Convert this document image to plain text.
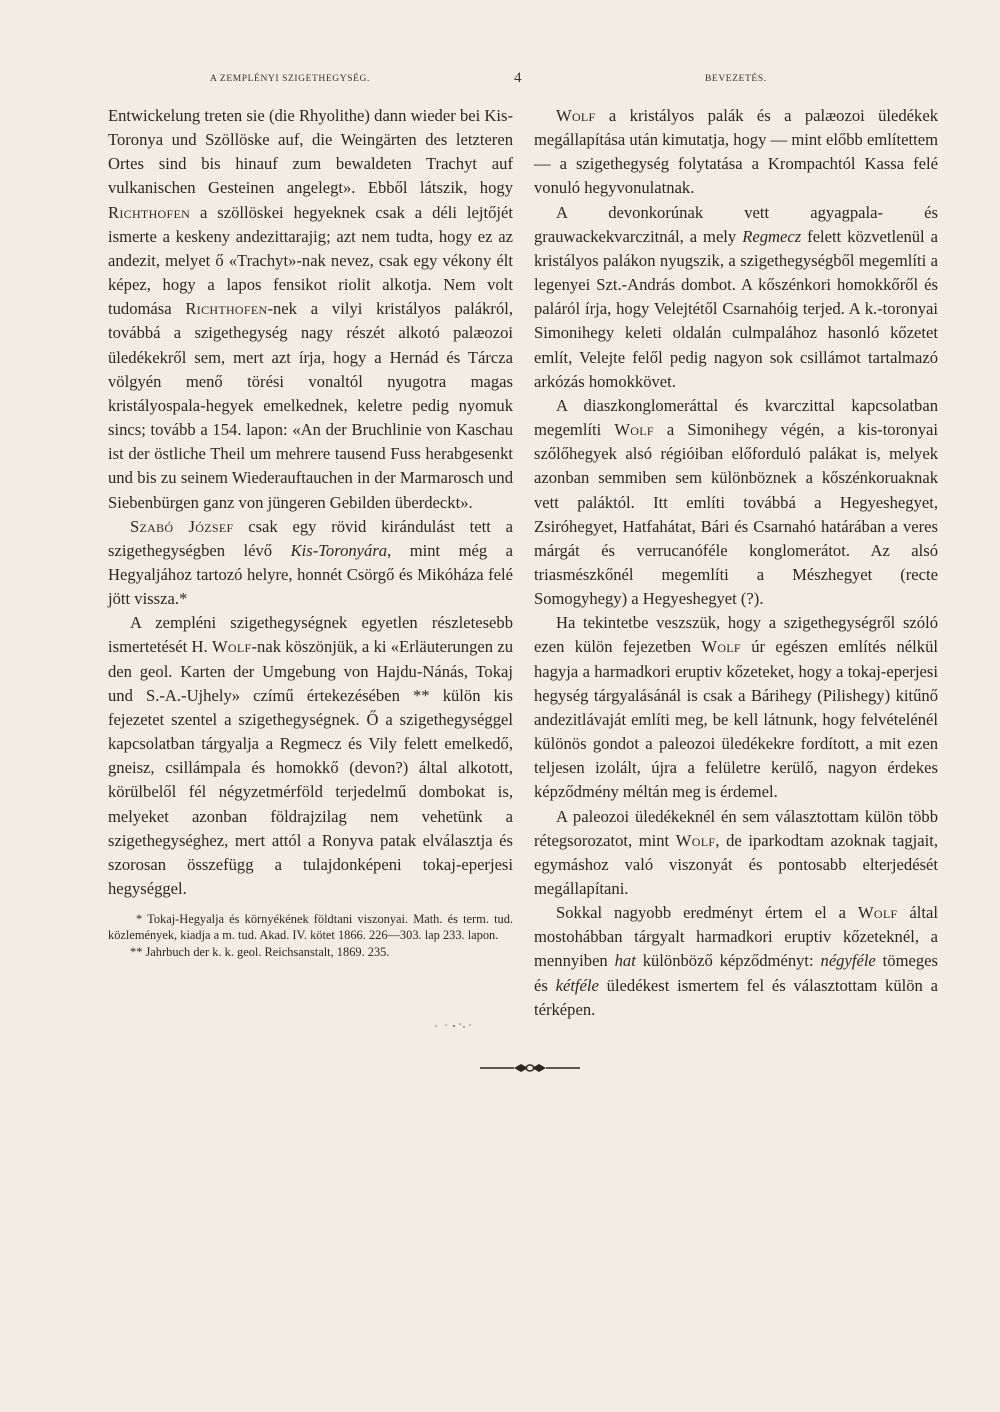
A ZEMPLÉNYI SZIGETHEGYSÉG.	4	BEVEZETÉS.

Entwickelung treten sie (die Rhyolithe) dann wieder bei Kis-Toronya und Szöllöske auf, die Weingärten des letzteren Ortes sind bis hinauf zum bewaldeten Trachyt auf vulkanischen Gesteinen angelegt». Ebből látszik, hogy Richthofen a szöllöskei hegyeknek csak a déli lejtőjét ismerte a keskeny andezittarajig; azt nem tudta, hogy ez az andezit, melyet ő «Trachyt»-nak nevez, csak egy vékony élt képez, hogy a lapos fensikot riolit alkotja. Nem volt tudomása Richthofen-nek a vilyi kristályos palákról, továbbá a szigethegység nagy részét alkotó palæozoi üledékekről sem, mert azt írja, hogy a Hernád és Tárcza völgyén menő törési vonaltól nyugotra magas kristályospala-hegyek emelkednek, keletre pedig nyomuk sincs; tovább a 154. lapon: «An der Bruchlinie von Kaschau ist der östliche Theil um mehrere tausend Fuss herabgesenkt und bis zu seinem Wiederauftauchen in der Marmarosch und Siebenbürgen ganz von jüngeren Gebilden überdeckt».

Szabó József csak egy rövid kirándulást tett a szigethegységben lévő Kis-Toronyára, mint még a Hegyaljához tartozó helyre, honnét Csörgő és Mikóháza felé jött vissza.*

A zempléni szigethegységnek egyetlen részletesebb ismertetését H. Wolf-nak köszönjük, a ki «Erläuterungen zu den geol. Karten der Umgebung von Hajdu-Nánás, Tokaj und S.-A.-Ujhely» czímű értekezésében ** külön kis fejezetet szentel a szigethegységnek. Ő a szigethegységgel kapcsolatban tárgyalja a Regmecz és Vily felett emelkedő, gneisz, csillámpala és homokkő (devon?) által alkotott, körülbelől fél négyzetmérföld terjedelmű dombokat is, melyeket azonban földrajzilag nem vehetünk a szigethegységhez, mert attól a Ronyva patak elválasztja és szorosan összefügg a tulajdonképeni tokaj-eperjesi hegységgel.

* Tokaj-Hegyalja és környékének földtani viszonyai. Math. és term. tud. közlemények, kiadja a m. tud. Akad. IV. kötet 1866. 226—303. lap 233. lapon.

** Jahrbuch der k. k. geol. Reichsanstalt, 1869. 235.

Wolf a kristályos palák és a palæozoi üledékek megállapítása után kimutatja, hogy — mint előbb említettem — a szigethegység folytatása a Krompachtól Kassa felé vonuló hegyvonulatnak.

A devonkorúnak vett agyagpala- és grauwackekvarczitnál, a mely Regmecz felett közvetlenül a kristályos palákon nyugszik, a szigethegységből megemlíti a legenyei Szt.-András dombot. A kőszénkori homokkőről és paláról írja, hogy Velejtétől Csarnahóig terjed. A k.-toronyai Simonihegy keleti oldalán culmpalához hasonló kőzetet említ, Velejte felől pedig nagyon sok csillámot tartalmazó arkózás homokkövet.

A diaszkonglomeráttal és kvarczittal kapcsolatban megemlíti Wolf a Simonihegy végén, a kis-toronyai szőlőhegyek alsó régióiban előforduló palákat is, melyek azonban semmiben sem különböznek a kőszénkoruaknak vett paláktól. Itt említi továbbá a Hegyeshegyet, Zsiróhegyet, Hatfahátat, Bári és Csarnahó határában a veres márgát és verrucanóféle konglomerátot. Az alsó triasmészkőnél megemlíti a Mészhegyet (recte Somogyhegy) a Hegyeshegyet (?).

Ha tekintetbe veszszük, hogy a szigethegységről szóló ezen külön fejezetben Wolf úr egészen említés nélkül hagyja a harmadkori eruptiv kőzeteket, hogy a tokaj-eperjesi hegység tárgyalásánál is csak a Bárihegy (Pilishegy) kitűnő andezitlávaját említi meg, be kell látnunk, hogy felvételénél különös gondot a paleozoi üledékekre fordított, a mit ezen teljesen izolált, újra a felületre kerülő, nagyon érdekes képződmény méltán meg is érdemel.

A paleozoi üledékeknél én sem választottam külön több rétegsorozatot, mint Wolf, de iparkodtam azoknak tagjait, egymáshoz való viszonyát és pontosabb elterjedését megállapítani.

Sokkal nagyobb eredményt értem el a Wolf által mostohábban tárgyalt harmadkori eruptiv kőzeteknél, a mennyiben hat különböző képződményt: négyféle tömeges és kétféle üledékest ismertem fel és választottam külön a térképen.
